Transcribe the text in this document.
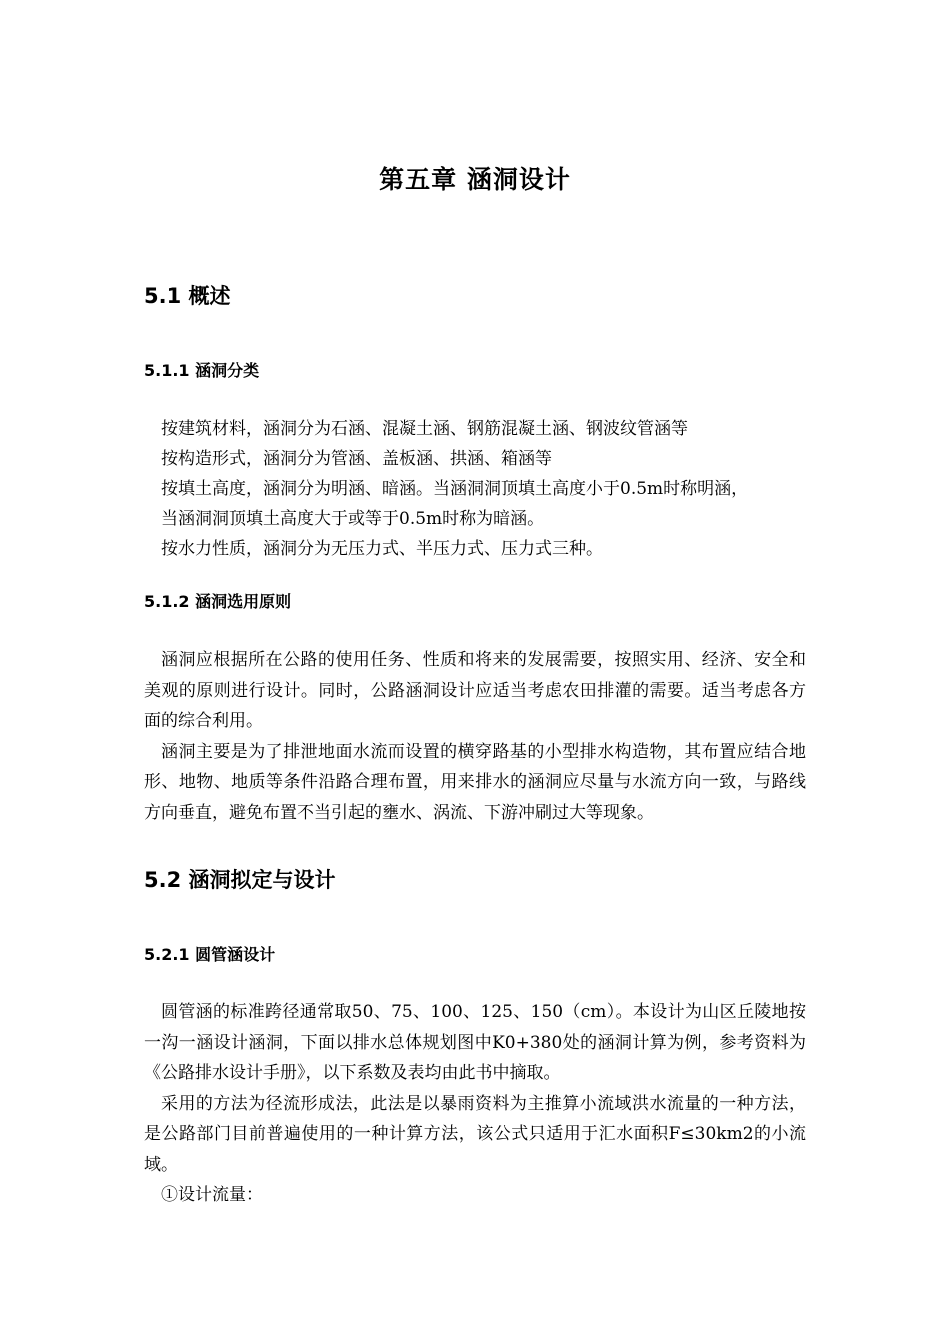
第五章 涵洞设计
5.1 概述
5.1.1 涵洞分类

按建筑材料，涵洞分为石涵、混凝土涵、钢筋混凝土涵、钢波纹管涵等

按构造形式，涵洞分为管涵、盖板涵、拱涵、箱涵等

按填土高度，涵洞分为明涵、暗涵。当涵洞洞顶填土高度小于0.5m时称明涵，

当涵洞洞顶填土高度大于或等于0.5m时称为暗涵。

按水力性质，涵洞分为无压力式、半压力式、压力式三种。

5.1.2 涵洞选用原则

涵洞应根据所在公路的使用任务、性质和将来的发展需要，按照实用、经济、安全和美观的原则进行设计。同时，公路涵洞设计应适当考虑农田排灌的需要。适当考虑各方面的综合利用。

涵洞主要是为了排泄地面水流而设置的横穿路基的小型排水构造物，其布置应结合地形、地物、地质等条件沿路合理布置，用来排水的涵洞应尽量与水流方向一致，与路线方向垂直，避免布置不当引起的壅水、涡流、下游冲刷过大等现象。

5.2 涵洞拟定与设计
5.2.1 圆管涵设计

圆管涵的标准跨径通常取50、75、100、125、150（cm）。本设计为山区丘陵地按一沟一涵设计涵洞，下面以排水总体规划图中K0+380处的涵洞计算为例，参考资料为《公路排水设计手册》，以下系数及表均由此书中摘取。

采用的方法为径流形成法，此法是以暴雨资料为主推算小流域洪水流量的一种方法，是公路部门目前普遍使用的一种计算方法，该公式只适用于汇水面积F≤30km2的小流域。

①设计流量：
